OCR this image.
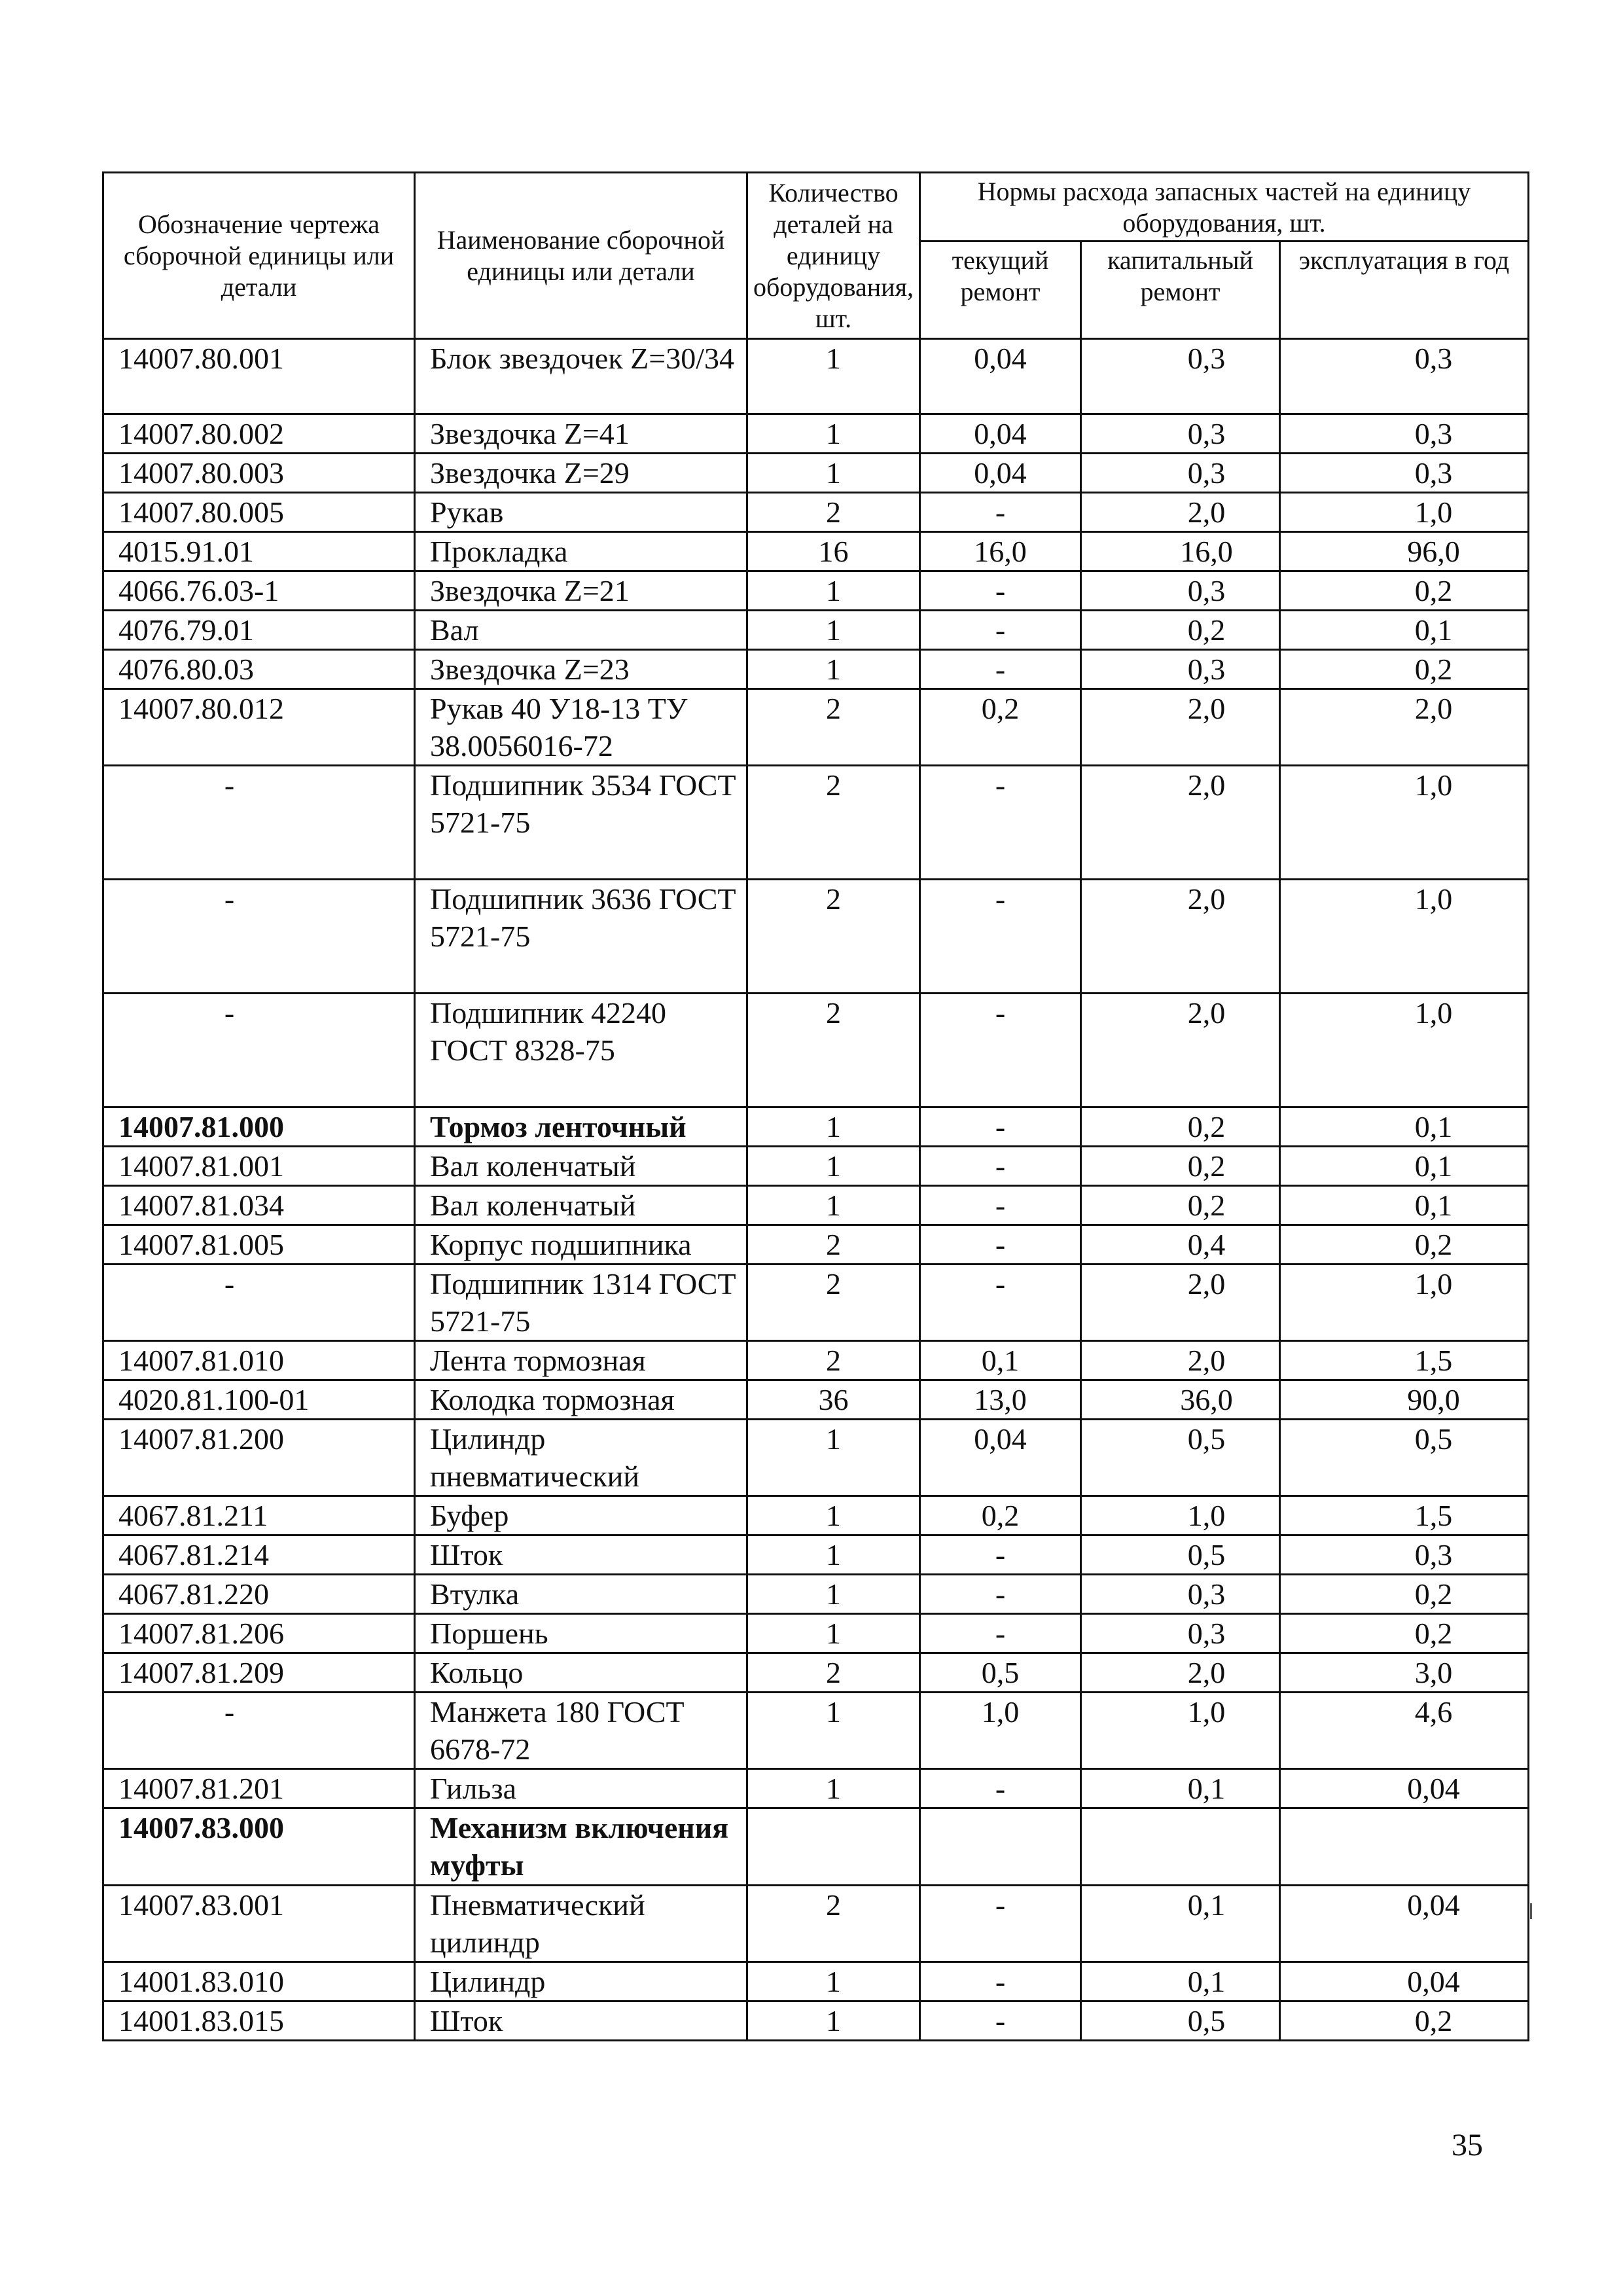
Обозначение чертежа сборочной единицы или детали	Наименование сборочной единицы или детали	Количество деталей на единицу оборудования, шт.	Нормы расхода запасных частей на единицу оборудования, шт.		
			текущий ремонт	капитальный ремонт	эксплуатация в год
14007.80.001	Блок звездочек Z=30/34	1	0,04	0,3	0,3
14007.80.002	Звездочка Z=41	1	0,04	0,3	0,3
14007.80.003	Звездочка Z=29	1	0,04	0,3	0,3
14007.80.005	Рукав	2	-	2,0	1,0
4015.91.01	Прокладка	16	16,0	16,0	96,0
4066.76.03-1	Звездочка Z=21	1	-	0,3	0,2
4076.79.01	Вал	1	-	0,2	0,1
4076.80.03	Звездочка Z=23	1	-	0,3	0,2
14007.80.012	Рукав 40 У18-13 ТУ 38.0056016-72	2	0,2	2,0	2,0
-	Подшипник 3534 ГОСТ 5721-75	2	-	2,0	1,0
-	Подшипник 3636 ГОСТ 5721-75	2	-	2,0	1,0
-	Подшипник 42240 ГОСТ 8328-75	2	-	2,0	1,0
14007.81.000	Тормоз ленточный	1	-	0,2	0,1
14007.81.001	Вал коленчатый	1	-	0,2	0,1
14007.81.034	Вал коленчатый	1	-	0,2	0,1
14007.81.005	Корпус подшипника	2	-	0,4	0,2
-	Подшипник 1314 ГОСТ 5721-75	2	-	2,0	1,0
14007.81.010	Лента тормозная	2	0,1	2,0	1,5
4020.81.100-01	Колодка тормозная	36	13,0	36,0	90,0
14007.81.200	Цилиндр пневматический	1	0,04	0,5	0,5
4067.81.211	Буфер	1	0,2	1,0	1,5
4067.81.214	Шток	1	-	0,5	0,3
4067.81.220	Втулка	1	-	0,3	0,2
14007.81.206	Поршень	1	-	0,3	0,2
14007.81.209	Кольцо	2	0,5	2,0	3,0
-	Манжета 180 ГОСТ 6678-72	1	1,0	1,0	4,6
14007.81.201	Гильза	1	-	0,1	0,04
14007.83.000	Механизм включения муфты				
14007.83.001	Пневматический цилиндр	2	-	0,1	0,04
14001.83.010	Цилиндр	1	-	0,1	0,04
14001.83.015	Шток	1	-	0,5	0,2
35
